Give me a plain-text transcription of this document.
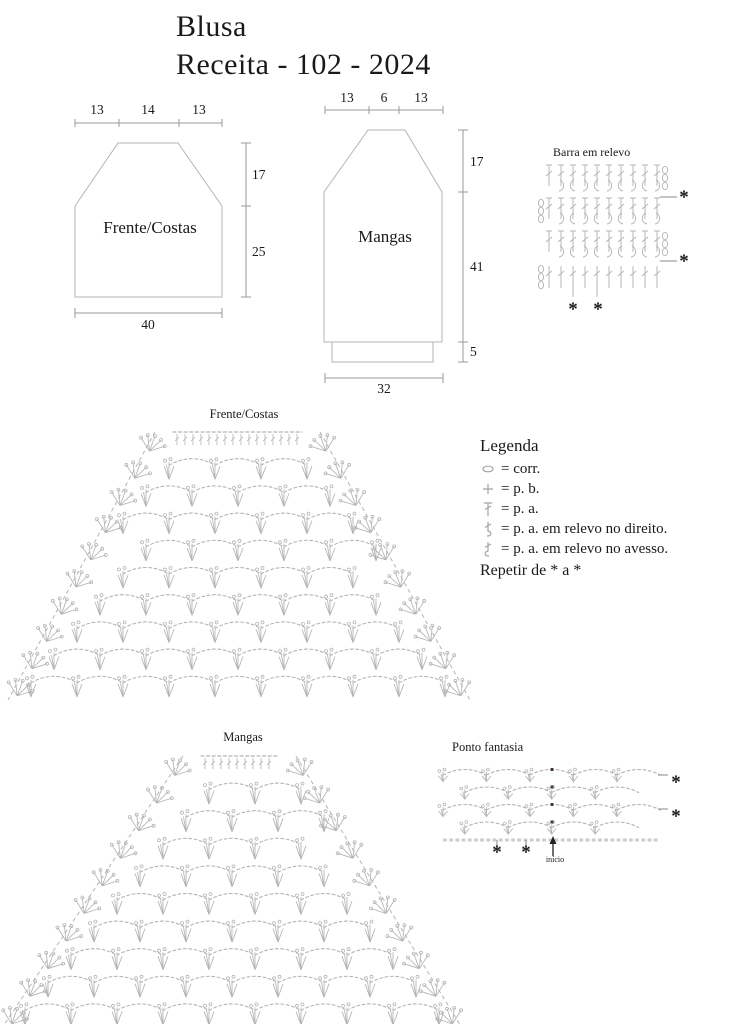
Blusa
Receita - 102 - 2024
13	14	13
17
25
40
Frente/Costas
13 6 13
17
41
5
32
Mangas
Barra em relevo
Frente/Costas
Mangas
Ponto fantasia
início
*
*
* *
*
*
* *
Legenda
= corr.
= p. b.
= p. a.
= p. a. em relevo no direito.
= p. a. em relevo no avesso.
Repetir de * a *
